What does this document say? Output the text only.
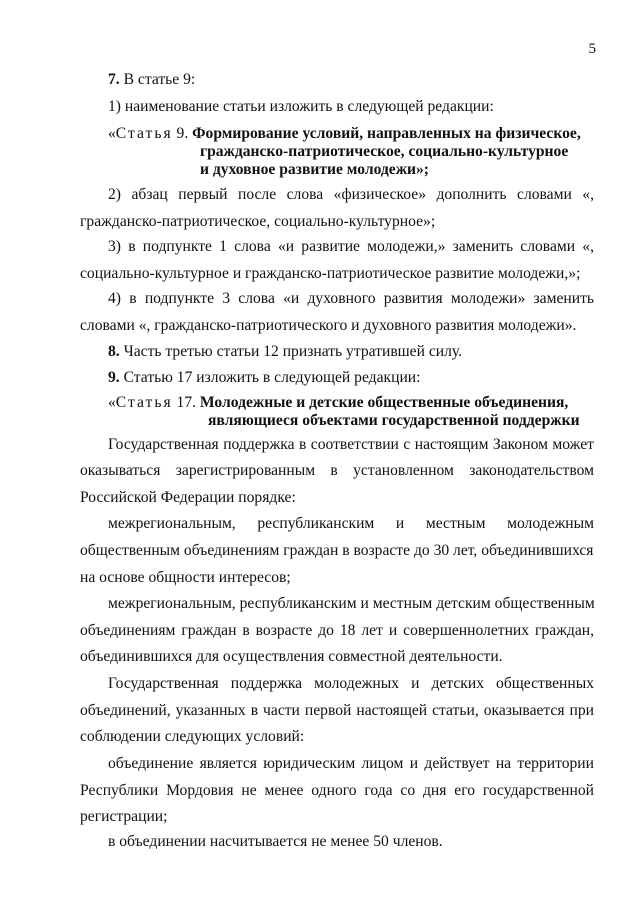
5
7. В статье 9:
1) наименование статьи изложить в следующей редакции:
«Статья 9. Формирование условий, направленных на физическое,
гражданско-патриотическое, социально-культурное
и духовное развитие молодежи»;
2) абзац первый после слова «физическое» дополнить словами «,
гражданско-патриотическое, социально-культурное»;
3) в подпункте 1 слова «и развитие молодежи,» заменить словами «,
социально-культурное и гражданско-патриотическое развитие молодежи,»;
4) в подпункте 3 слова «и духовного развития молодежи» заменить
словами «, гражданско-патриотического и духовного развития молодежи».
8. Часть третью статьи 12 признать утратившей силу.
9. Статью 17 изложить в следующей редакции:
«Статья 17. Молодежные и детские общественные объединения,
являющиеся объектами государственной поддержки
Государственная поддержка в соответствии с настоящим Законом может
оказываться зарегистрированным в установленном законодательством
Российской Федерации порядке:
межрегиональным, республиканским и местным молодежным
общественным объединениям граждан в возрасте до 30 лет, объединившихся
на основе общности интересов;
межрегиональным, республиканским и местным детским общественным
объединениям граждан в возрасте до 18 лет и совершеннолетних граждан,
объединившихся для осуществления совместной деятельности.
Государственная поддержка молодежных и детских общественных
объединений, указанных в части первой настоящей статьи, оказывается при
соблюдении следующих условий:
объединение является юридическим лицом и действует на территории
Республики Мордовия не менее одного года со дня его государственной
регистрации;
в объединении насчитывается не менее 50 членов.
